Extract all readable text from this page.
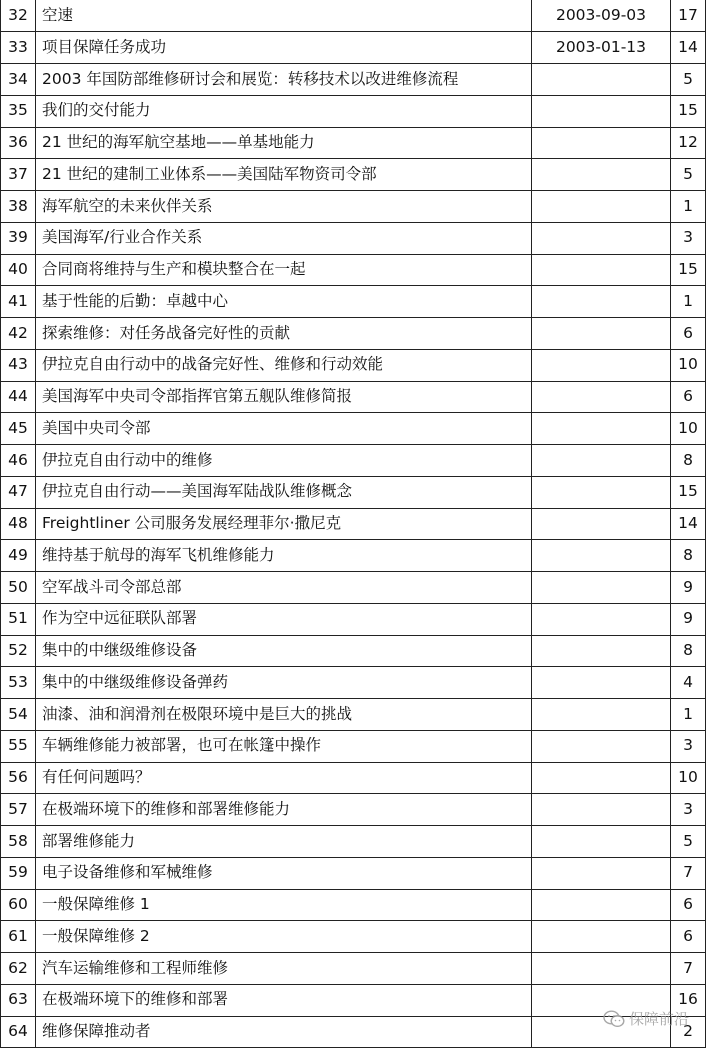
32	空速	2003-09-03	17
33	项目保障任务成功	2003-01-13	14
34	2003 年国防部维修研讨会和展览：转移技术以改进维修流程		5
35	我们的交付能力		15
36	21 世纪的海军航空基地——单基地能力		12
37	21 世纪的建制工业体系——美国陆军物资司令部		5
38	海军航空的未来伙伴关系		1
39	美国海军/行业合作关系		3
40	合同商将维持与生产和模块整合在一起		15
41	基于性能的后勤：卓越中心		1
42	探索维修：对任务战备完好性的贡献		6
43	伊拉克自由行动中的战备完好性、维修和行动效能		10
44	美国海军中央司令部指挥官第五舰队维修简报		6
45	美国中央司令部		10
46	伊拉克自由行动中的维修		8
47	伊拉克自由行动——美国海军陆战队维修概念		15
48	Freightliner 公司服务发展经理菲尔·撒尼克		14
49	维持基于航母的海军飞机维修能力		8
50	空军战斗司令部总部		9
51	作为空中远征联队部署		9
52	集中的中继级维修设备		8
53	集中的中继级维修设备弹药		4
54	油漆、油和润滑剂在极限环境中是巨大的挑战		1
55	车辆维修能力被部署，也可在帐篷中操作		3
56	有任何问题吗？		10
57	在极端环境下的维修和部署维修能力		3
58	部署维修能力		5
59	电子设备维修和军械维修		7
60	一般保障维修 1		6
61	一般保障维修 2		6
62	汽车运输维修和工程师维修		7
63	在极端环境下的维修和部署		16
64	维修保障推动者		2
保障前沿
